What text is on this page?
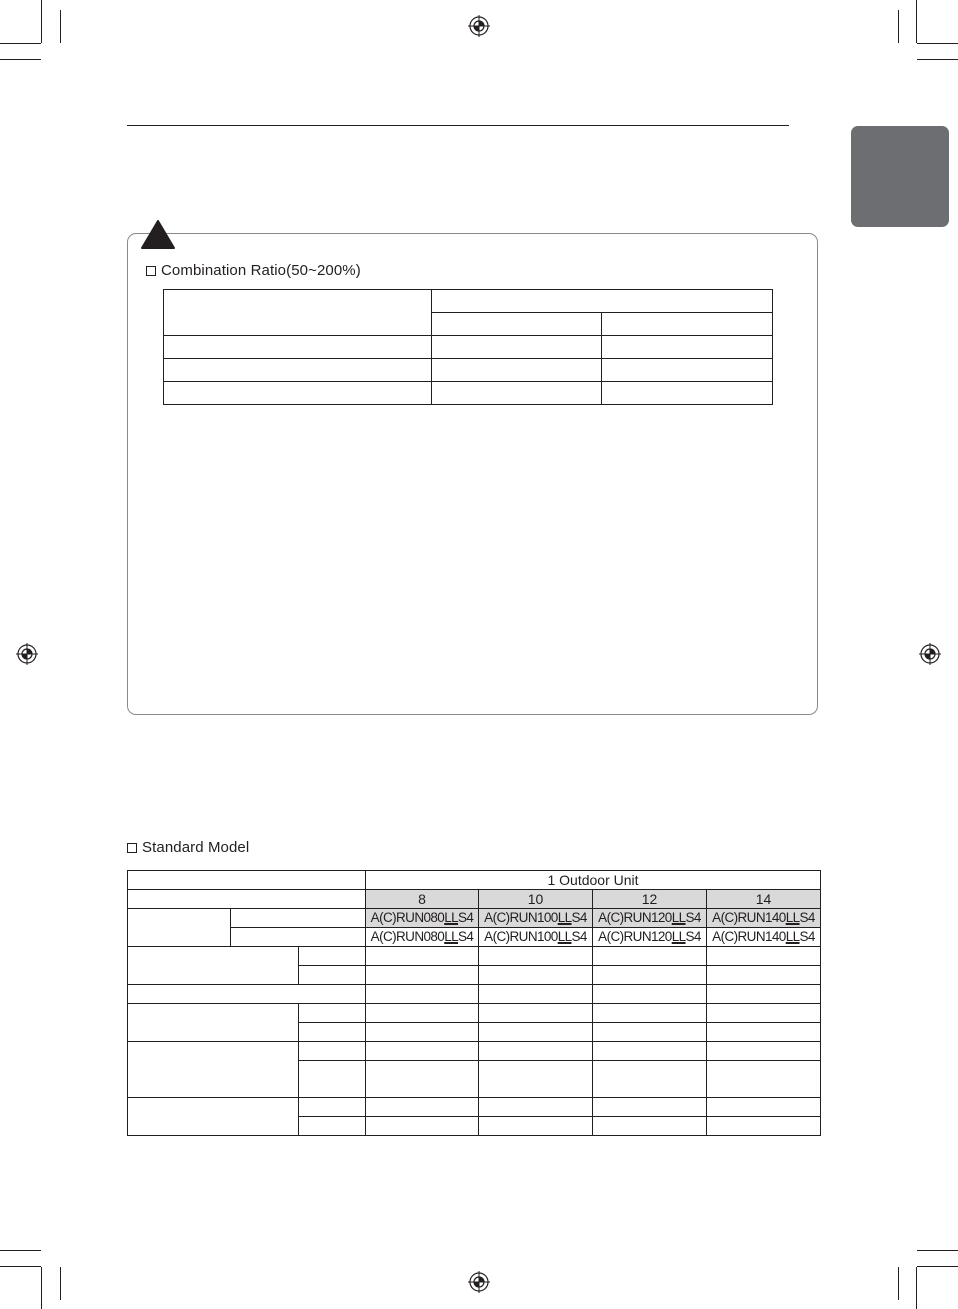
Combination Ratio(50~200%)

Standard Model
			1 Outdoor Unit			
			8	10	12	14
			A(C)RUN080LLS4	A(C)RUN100LLS4	A(C)RUN120LLS4	A(C)RUN140LLS4
			A(C)RUN080LLS4	A(C)RUN100LLS4	A(C)RUN120LLS4	A(C)RUN140LLS4
